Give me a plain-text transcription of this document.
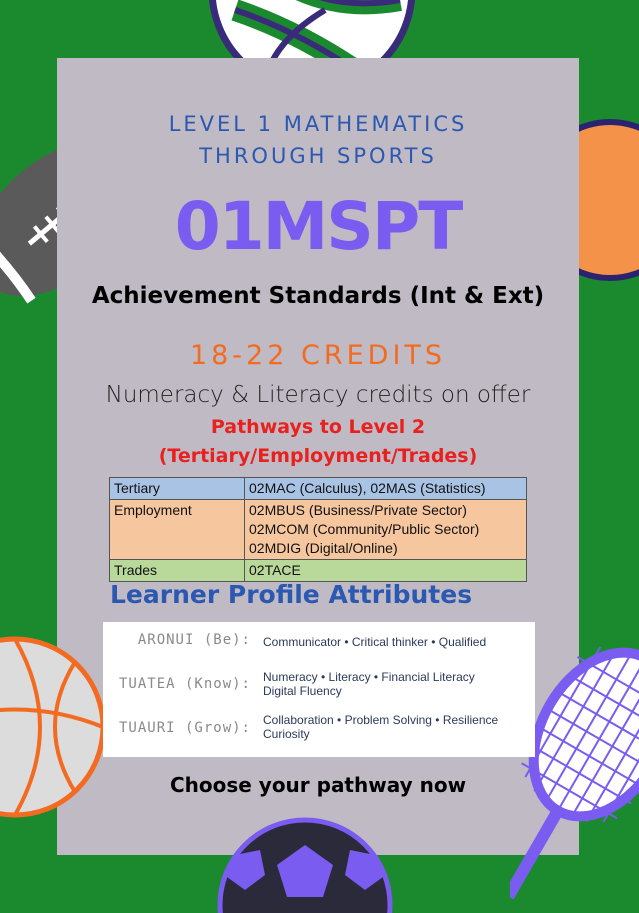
LEVEL 1 MATHEMATICS
THROUGH SPORTS
01MSPT
Achievement Standards (Int & Ext)
18-22 CREDITS
Numeracy & Literacy credits on offer
Pathways to Level 2
(Tertiary/Employment/Trades)
Tertiary	02MAC (Calculus), 02MAS (Statistics)

Employment	02MBUS (Business/Private Sector)
02MCOM (Community/Public Sector)
02MDIG (Digital/Online)

Trades	02TACE
Learner Profile Attributes
ARONUI (Be): Communicator • Critical thinker • Qualified
TUATEA (Know): Numeracy • Literacy • Financial Literacy
Digital Fluency
TUAURI (Grow): Collaboration • Problem Solving • Resilience
Curiosity
Choose your pathway now
